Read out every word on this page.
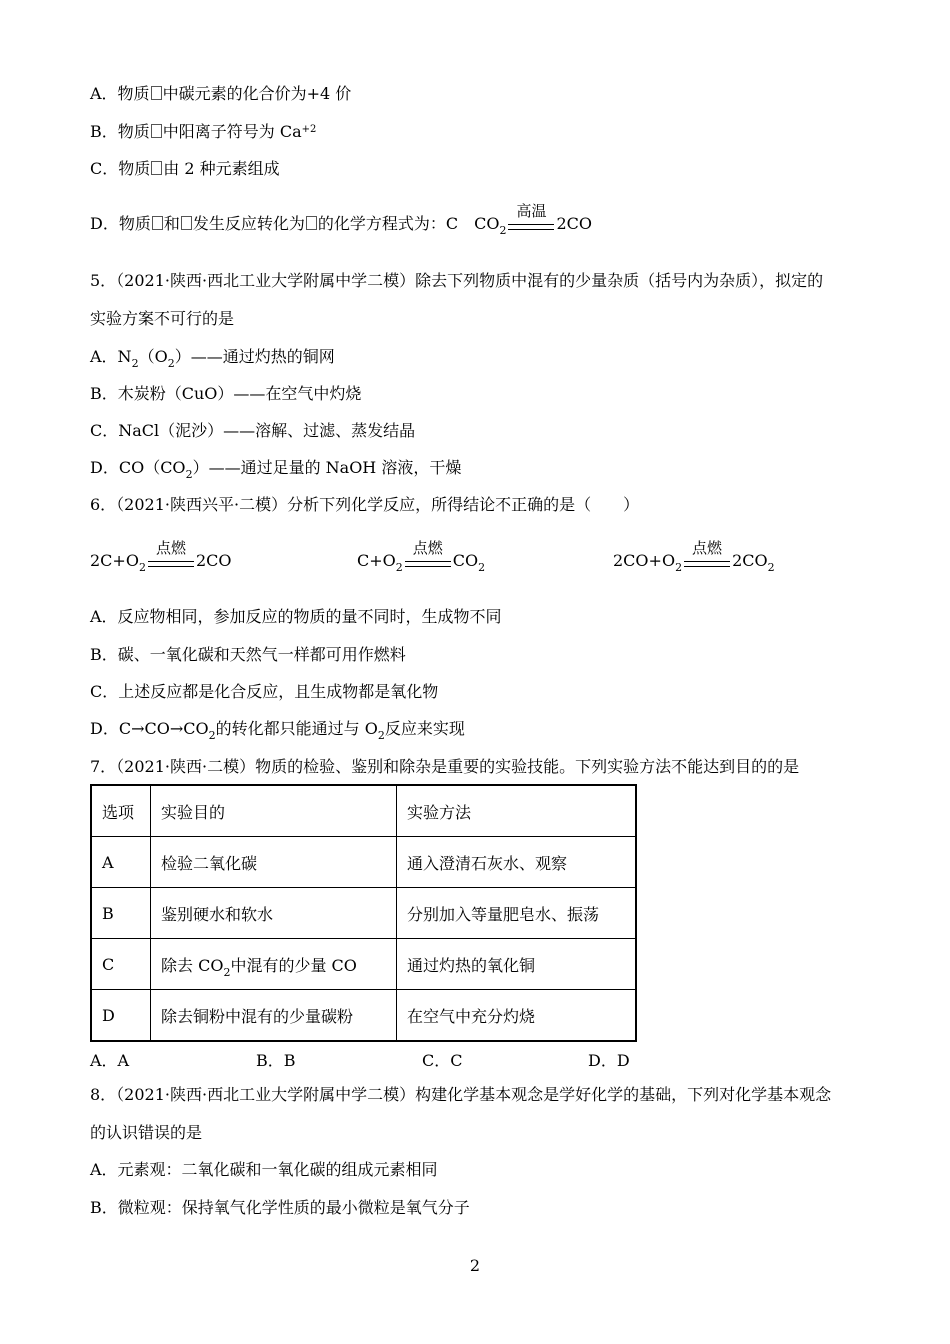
A．物质 中碳元素的化合价为+4 价
B．物质 中阳离子符号为 $Ca^{+2}$
C．物质 由 2 种元素组成
D．物质 和 发生反应转化为 的化学方程式为：C　$CO_2$
高温
2CO
5．（2021·陕西·西北工业大学附属中学二模）除去下列物质中混有的少量杂质（括号内为杂质），拟定的
实验方案不可行的是
A．$N_2(O_2)——$通过灼热的铜网
B．木炭粉（CuO）——在空气中灼烧
C．NaCl（泥沙）——溶解、过滤、蒸发结晶
D．$CO(CO_2)——$通过足量的 NaOH 溶液，干燥
6．（2021·陕西兴平·二模）分析下列化学反应，所得结论不正确的是（　　）
$2C+O_2$
点燃
2CO	$C+O_2$
点燃
$CO_2$	$2CO+O_2$
点燃
$2CO_2$
A．反应物相同，参加反应的物质的量不同时，生成物不同
B．碳、一氧化碳和天然气一样都可用作燃料
C．上述反应都是化合反应，且生成物都是氧化物
D．$C\to CO\to CO_2$的转化都只能通过与 $O_2$反应来实现
7．（2021·陕西·二模）物质的检验、鉴别和除杂是重要的实验技能。下列实验方法不能达到目的的是
选项	实验目的	实验方法
A	检验二氧化碳	通入澄清石灰水、观察
B	鉴别硬水和软水	分别加入等量肥皂水、振荡
C	除去 $CO_2$中混有的少量 CO	通过灼热的氧化铜
D	除去铜粉中混有的少量碳粉	在空气中充分灼烧
A．A	B．B	C．C	D．D
8．（2021·陕西·西北工业大学附属中学二模）构建化学基本观念是学好化学的基础，下列对化学基本观念
的认识错误的是
A．元素观：二氧化碳和一氧化碳的组成元素相同
B．微粒观：保持氧气化学性质的最小微粒是氧气分子
2
